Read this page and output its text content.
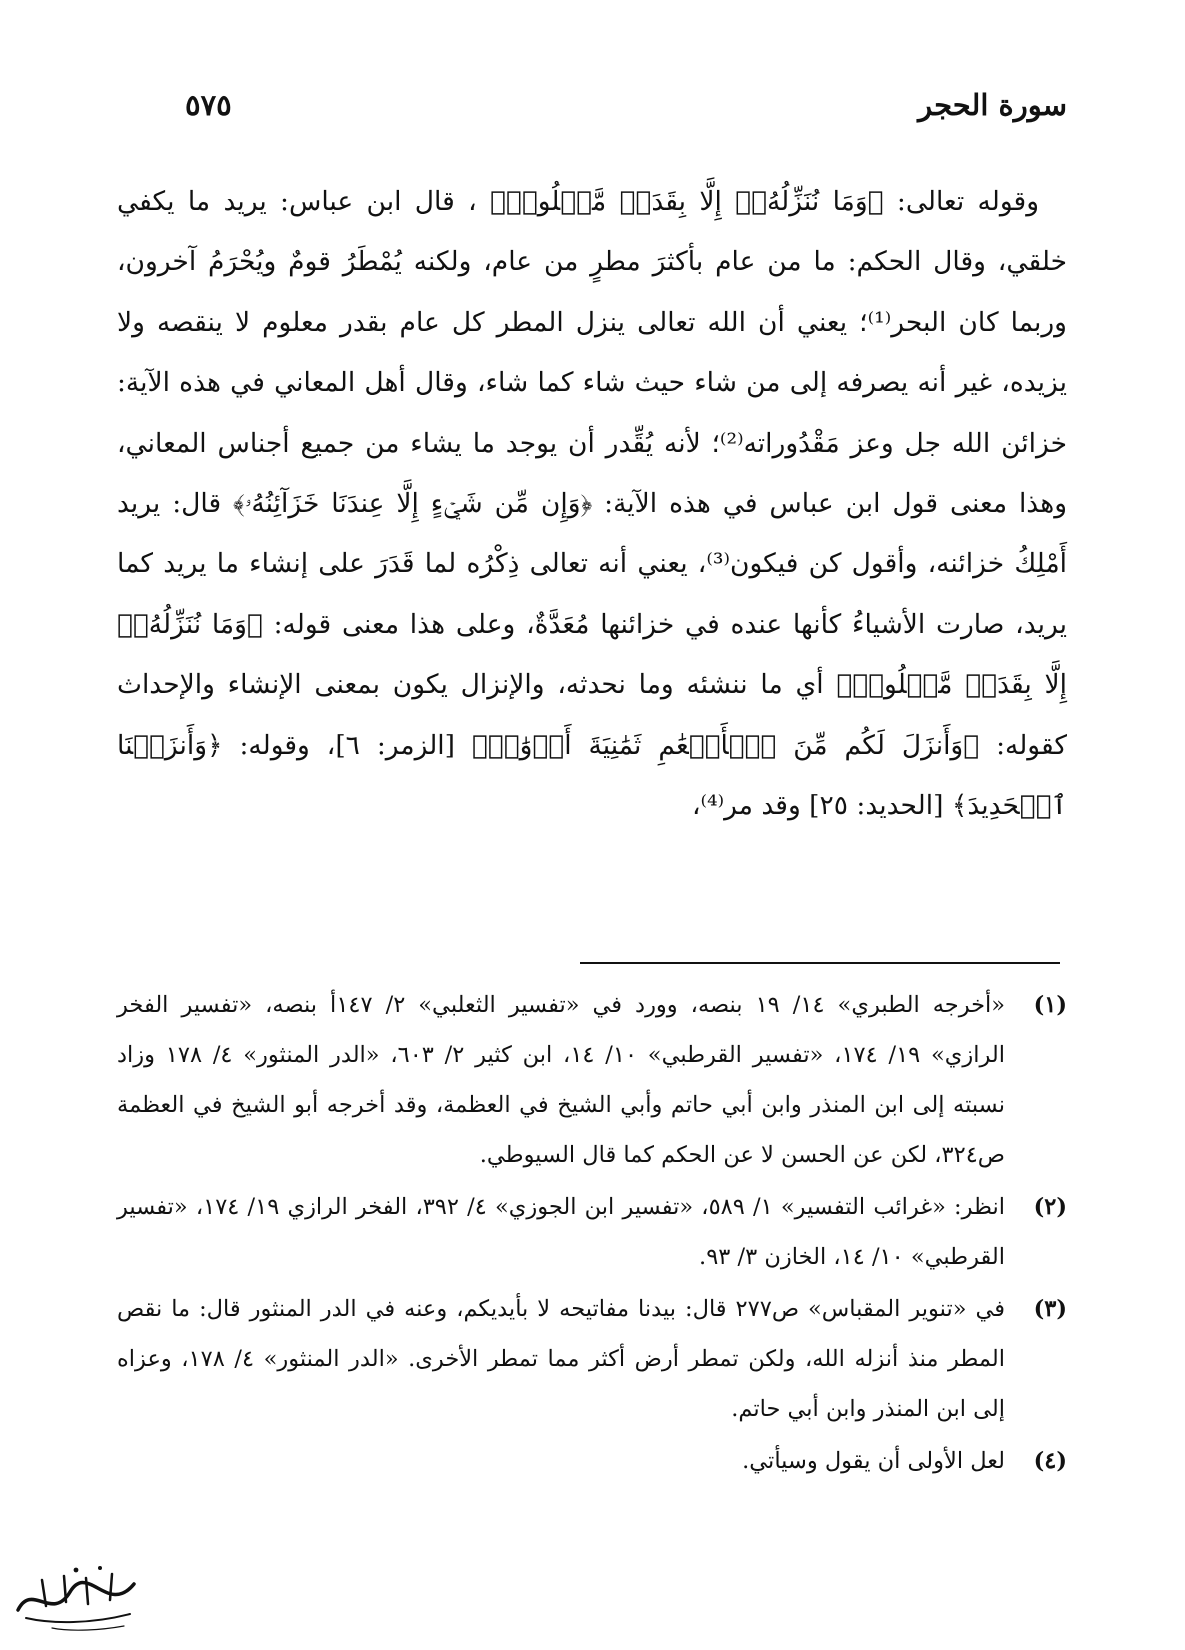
سورة الحجر
٥٧٥

وقوله تعالى: ﴿وَمَا نُنَزِّلُهُۥٓ إِلَّا بِقَدَرٖ مَّعۡلُومٖ﴾ ، قال ابن عباس: يريد ما يكفي خلقي، وقال الحكم: ما من عام بأكثرَ مطرٍ من عام، ولكنه يُمْطَرُ قومٌ ويُحْرَمُ آخرون، وربما كان البحر⁽¹⁾؛ يعني أن الله تعالى ينزل المطر كل عام بقدر معلوم لا ينقصه ولا يزيده، غير أنه يصرفه إلى من شاء حيث شاء كما شاء، وقال أهل المعاني في هذه الآية: خزائن الله جل وعز مَقْدُوراته⁽²⁾؛ لأنه يُقِّدر أن يوجد ما يشاء من جميع أجناس المعاني، وهذا معنى قول ابن عباس في هذه الآية: ﴿وَإِن مِّن شَيۡءٍ إِلَّا عِندَنَا خَزَآئِنُهُۥ﴾ قال: يريد أَمْلِكُ خزائنه، وأقول كن فيكون⁽³⁾، يعني أنه تعالى ذِكْرُه لما قَدَرَ على إنشاء ما يريد كما يريد، صارت الأشياءُ كأنها عنده في خزائنها مُعَدَّةٌ، وعلى هذا معنى قوله: ﴿وَمَا نُنَزِّلُهُۥٓ إِلَّا بِقَدَرٖ مَّعۡلُومٖ﴾ أي ما ننشئه وما نحدثه، والإنزال يكون بمعنى الإنشاء والإحداث كقوله: ﴿وَأَنزَلَ لَكُم مِّنَ ٱلۡأَنۡعَٰمِ ثَمَٰنِيَةَ أَزۡوَٰجٖ﴾ [الزمر: ٦]، وقوله: ﴿وَأَنزَلۡنَا ٱلۡحَدِيدَ﴾ [الحديد: ٢٥] وقد مر⁽⁴⁾،

(١)
«أخرجه الطبري» ١٤/ ١٩ بنصه، وورد في «تفسير الثعلبي» ٢/ ١٤٧أ بنصه، «تفسير الفخر الرازي» ١٩/ ١٧٤، «تفسير القرطبي» ١٠/ ١٤، ابن كثير ٢/ ٦٠٣، «الدر المنثور» ٤/ ١٧٨ وزاد نسبته إلى ابن المنذر وابن أبي حاتم وأبي الشيخ في العظمة، وقد أخرجه أبو الشيخ في العظمة ص٣٢٤، لكن عن الحسن لا عن الحكم كما قال السيوطي.
(٢)
انظر: «غرائب التفسير» ١/ ٥٨٩، «تفسير ابن الجوزي» ٤/ ٣٩٢، الفخر الرازي ١٩/ ١٧٤، «تفسير القرطبي» ١٠/ ١٤، الخازن ٣/ ٩٣.
(٣)
في «تنوير المقباس» ص٢٧٧ قال: بيدنا مفاتيحه لا بأيديكم، وعنه في الدر المنثور قال: ما نقص المطر منذ أنزله الله، ولكن تمطر أرض أكثر مما تمطر الأخرى. «الدر المنثور» ٤/ ١٧٨، وعزاه إلى ابن المنذر وابن أبي حاتم.
(٤)
لعل الأولى أن يقول وسيأتي.
